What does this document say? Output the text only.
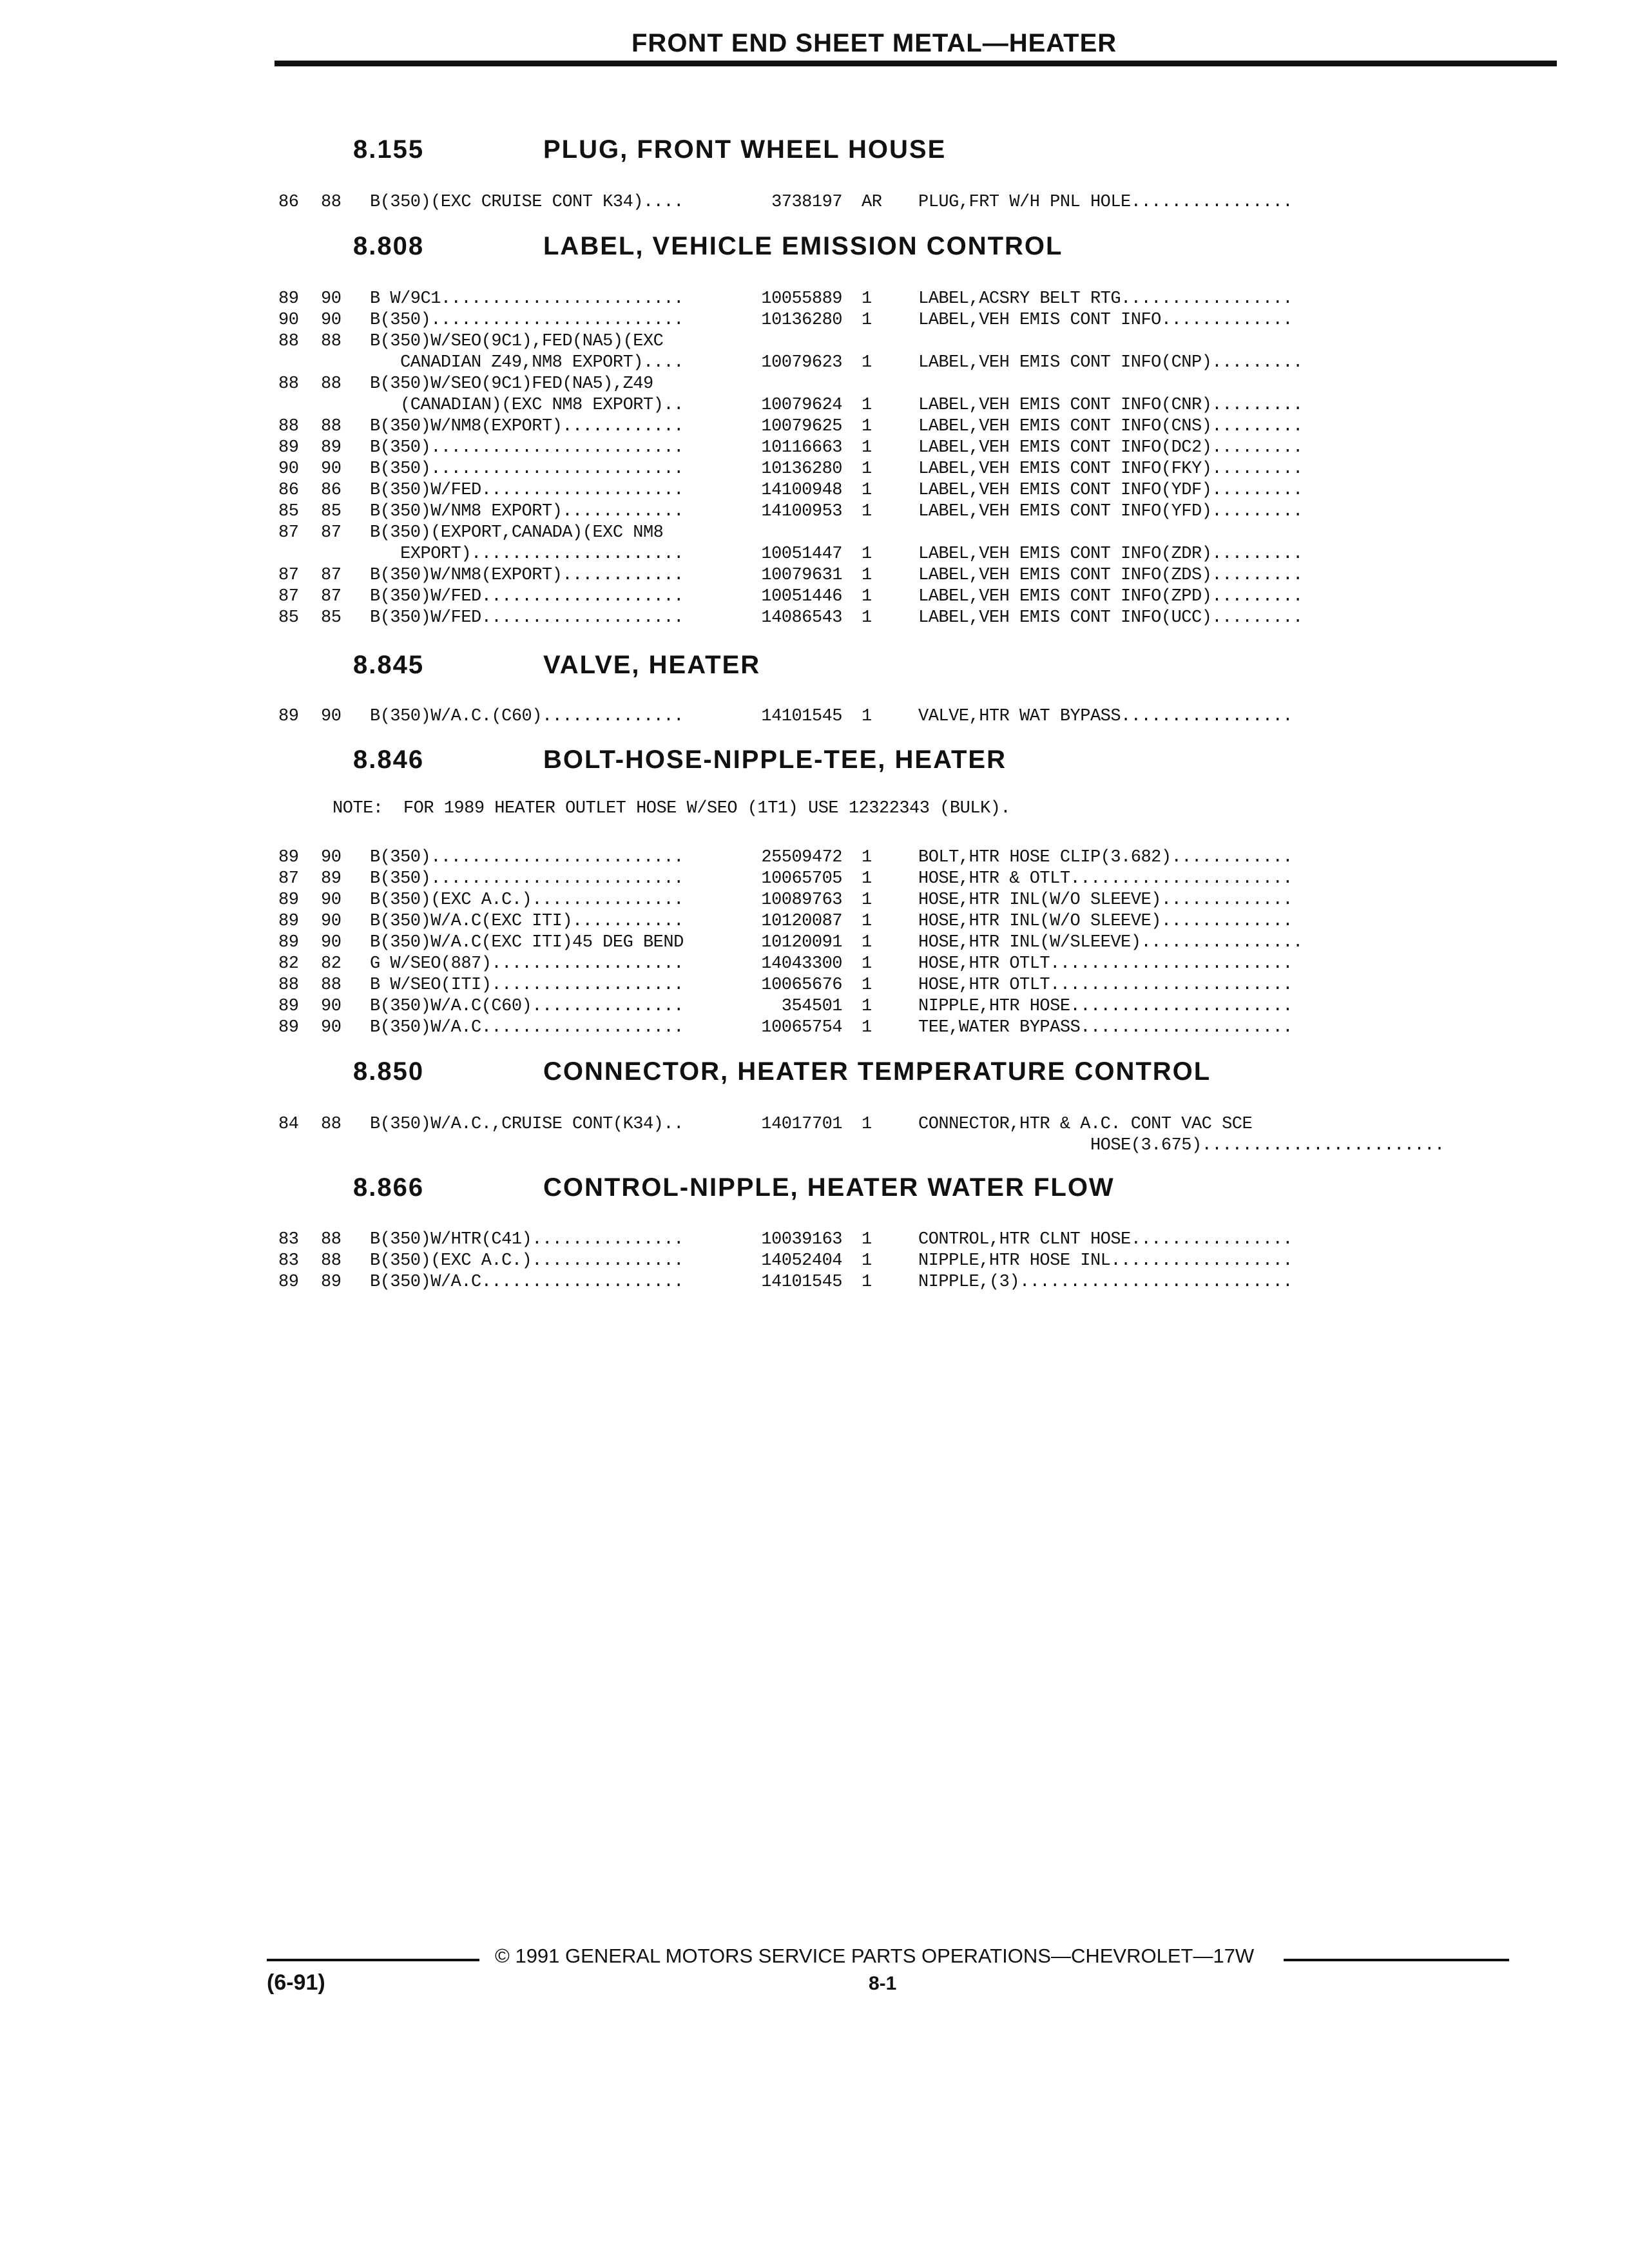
FRONT END SHEET METAL—HEATER
8.155	PLUG, FRONT WHEEL HOUSE
86 88 B(350)(EXC CRUISE CONT K34)....	3738197 AR PLUG,FRT W/H PNL HOLE................
8.808	LABEL, VEHICLE EMISSION CONTROL
89 90 B W/9C1........................	10055889 1	LABEL,ACSRY BELT RTG.................
90 90 B(350).........................	10136280 1	LABEL,VEH EMIS CONT INFO.............
88 88 B(350)W/SEO(9C1),FED(NA5)(EXC
CANADIAN Z49,NM8 EXPORT)....	10079623 1	LABEL,VEH EMIS CONT INFO(CNP).........
88 88 B(350)W/SEO(9C1)FED(NA5),Z49
(CANADIAN)(EXC NM8 EXPORT)..	10079624 1	LABEL,VEH EMIS CONT INFO(CNR).........
88 88 B(350)W/NM8(EXPORT)............	10079625 1	LABEL,VEH EMIS CONT INFO(CNS).........
89 89 B(350).........................	10116663 1	LABEL,VEH EMIS CONT INFO(DC2).........
90 90 B(350).........................	10136280 1	LABEL,VEH EMIS CONT INFO(FKY).........
86 86 B(350)W/FED....................	14100948 1	LABEL,VEH EMIS CONT INFO(YDF).........
85 85 B(350)W/NM8 EXPORT)............	14100953 1	LABEL,VEH EMIS CONT INFO(YFD).........
87 87 B(350)(EXPORT,CANADA)(EXC NM8
EXPORT).....................	10051447 1	LABEL,VEH EMIS CONT INFO(ZDR).........
87 87 B(350)W/NM8(EXPORT)............	10079631 1	LABEL,VEH EMIS CONT INFO(ZDS).........
87 87 B(350)W/FED....................	10051446 1	LABEL,VEH EMIS CONT INFO(ZPD).........
85 85 B(350)W/FED....................	14086543 1	LABEL,VEH EMIS CONT INFO(UCC).........
8.845	VALVE, HEATER
89 90 B(350)W/A.C.(C60)..............	14101545 1	VALVE,HTR WAT BYPASS.................
8.846	BOLT-HOSE-NIPPLE-TEE, HEATER
NOTE:  FOR 1989 HEATER OUTLET HOSE W/SEO (1T1) USE 12322343 (BULK).
89 90 B(350).........................	25509472 1	BOLT,HTR HOSE CLIP(3.682)............
87 89 B(350).........................	10065705 1	HOSE,HTR & OTLT......................
89 90 B(350)(EXC A.C.)...............	10089763 1	HOSE,HTR INL(W/O SLEEVE).............
89 90 B(350)W/A.C(EXC ITI)...........	10120087 1	HOSE,HTR INL(W/O SLEEVE).............
89 90 B(350)W/A.C(EXC ITI)45 DEG BEND	10120091 1	HOSE,HTR INL(W/SLEEVE)................
82 82 G W/SEO(887)...................	14043300 1	HOSE,HTR OTLT........................
88 88 B W/SEO(ITI)...................	10065676 1	HOSE,HTR OTLT........................
89 90 B(350)W/A.C(C60)...............	354501 1	NIPPLE,HTR HOSE......................
89 90 B(350)W/A.C....................	10065754 1	TEE,WATER BYPASS.....................
8.850	CONNECTOR, HEATER TEMPERATURE CONTROL
84 88 B(350)W/A.C.,CRUISE CONT(K34)..	14017701 1	CONNECTOR,HTR & A.C. CONT VAC SCE
HOSE(3.675)........................
8.866	CONTROL-NIPPLE, HEATER WATER FLOW
83 88 B(350)W/HTR(C41)...............	10039163 1	CONTROL,HTR CLNT HOSE................
83 88 B(350)(EXC A.C.)...............	14052404 1	NIPPLE,HTR HOSE INL..................
89 89 B(350)W/A.C....................	14101545 1	NIPPLE,(3)...........................
© 1991 GENERAL MOTORS SERVICE PARTS OPERATIONS—CHEVROLET—17W
(6-91)	8-1
